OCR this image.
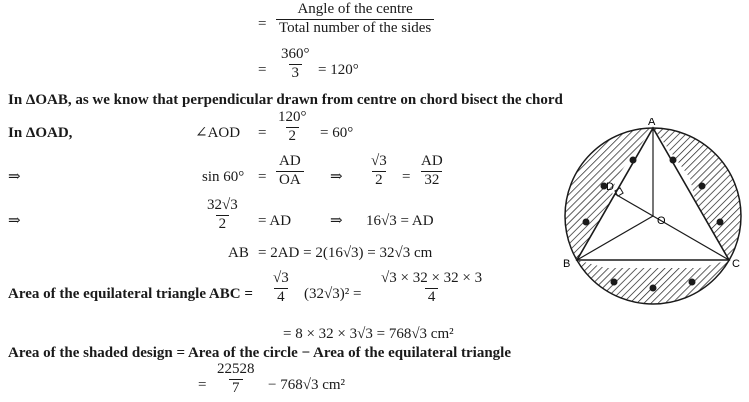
=
Angle of the centre
Total number of the sides
= $\frac{360^\circ}{3} = 120^\circ$
In ΔOAB, as we know that perpendicular drawn from centre on chord bisect the chord
In ΔOAD,	∠AOD = $\frac{120^\circ}{2} = 60^\circ$
⇒	$\sin 60^\circ = \frac{AD}{OA}$ ⇒ $\frac{√3}{2} = \frac{AD}{32}$
⇒	$\frac{32√3}{2}$ = AD	⇒ 16√3 = AD
AB = 2AD = 2(16√3) = 32√3 cm
Area of the equilateral triangle ABC = $\frac{√3}{4} (32√3)^2 = \frac{√3 \times 32 \times 32 \times 3}{4}$
= 8 × 32 × 3√3 = 768√3 cm²
Area of the shaded design = Area of the circle − Area of the equilateral triangle
= $\frac{22528}{7} - 768√3$ cm²
A
B	C
D
O
